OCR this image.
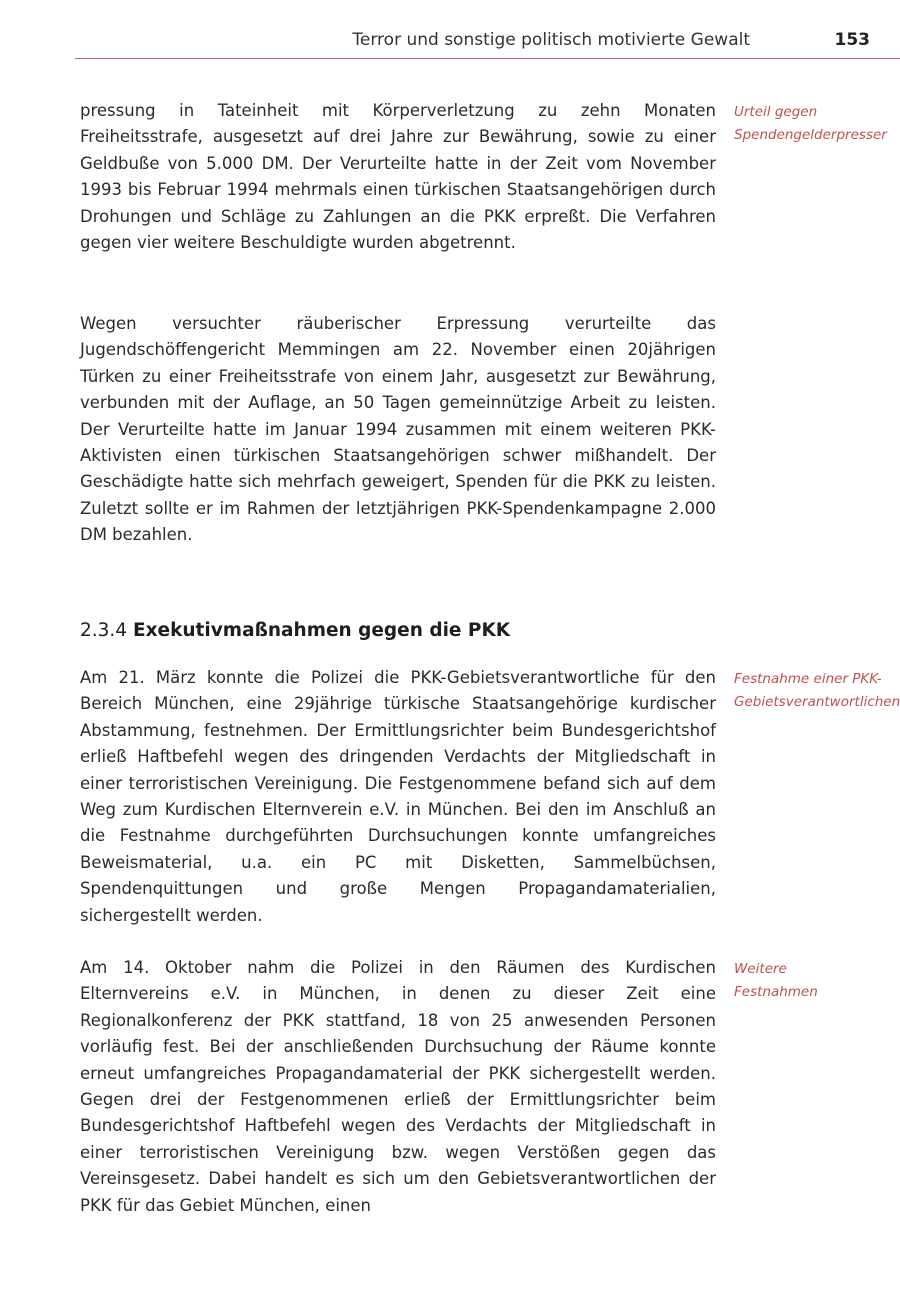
Terror und sonstige politisch motivierte Gewalt	153

pressung in Tateinheit mit Körperverletzung zu zehn Monaten Freiheitsstrafe, ausgesetzt auf drei Jahre zur Bewährung, sowie zu einer Geldbuße von 5.000 DM. Der Verurteilte hatte in der Zeit vom November 1993 bis Februar 1994 mehrmals einen türkischen Staatsangehörigen durch Drohungen und Schläge zu Zahlungen an die PKK erpreßt. Die Verfahren gegen vier weitere Beschuldigte wurden abgetrennt.

Urteil gegen Spendengelderpresser

Wegen versuchter räuberischer Erpressung verurteilte das Jugendschöffengericht Memmingen am 22. November einen 20jährigen Türken zu einer Freiheitsstrafe von einem Jahr, ausgesetzt zur Bewährung, verbunden mit der Auflage, an 50 Tagen gemeinnützige Arbeit zu leisten. Der Verurteilte hatte im Januar 1994 zusammen mit einem weiteren PKK-Aktivisten einen türkischen Staatsangehörigen schwer mißhandelt. Der Geschädigte hatte sich mehrfach geweigert, Spenden für die PKK zu leisten. Zuletzt sollte er im Rahmen der letztjährigen PKK-Spendenkampagne 2.000 DM bezahlen.

2.3.4 Exekutivmaßnahmen gegen die PKK

Am 21. März konnte die Polizei die PKK-Gebietsverantwortliche für den Bereich München, eine 29jährige türkische Staatsangehörige kurdischer Abstammung, festnehmen. Der Ermittlungsrichter beim Bundesgerichtshof erließ Haftbefehl wegen des dringenden Verdachts der Mitgliedschaft in einer terroristischen Vereinigung. Die Festgenommene befand sich auf dem Weg zum Kurdischen Elternverein e.V. in München. Bei den im Anschluß an die Festnahme durchgeführten Durchsuchungen konnte umfangreiches Beweismaterial, u.a. ein PC mit Disketten, Sammelbüchsen, Spendenquittungen und große Mengen Propagandamaterialien, sichergestellt werden.

Festnahme einer PKK-Gebietsverantwortlichen

Am 14. Oktober nahm die Polizei in den Räumen des Kurdischen Elternvereins e.V. in München, in denen zu dieser Zeit eine Regionalkonferenz der PKK stattfand, 18 von 25 anwesenden Personen vorläufig fest. Bei der anschließenden Durchsuchung der Räume konnte erneut umfangreiches Propagandamaterial der PKK sichergestellt werden. Gegen drei der Festgenommenen erließ der Ermittlungsrichter beim Bundesgerichtshof Haftbefehl wegen des Verdachts der Mitgliedschaft in einer terroristischen Vereinigung bzw. wegen Verstößen gegen das Vereinsgesetz. Dabei handelt es sich um den Gebietsverantwortlichen der PKK für das Gebiet München, einen

Weitere Festnahmen
